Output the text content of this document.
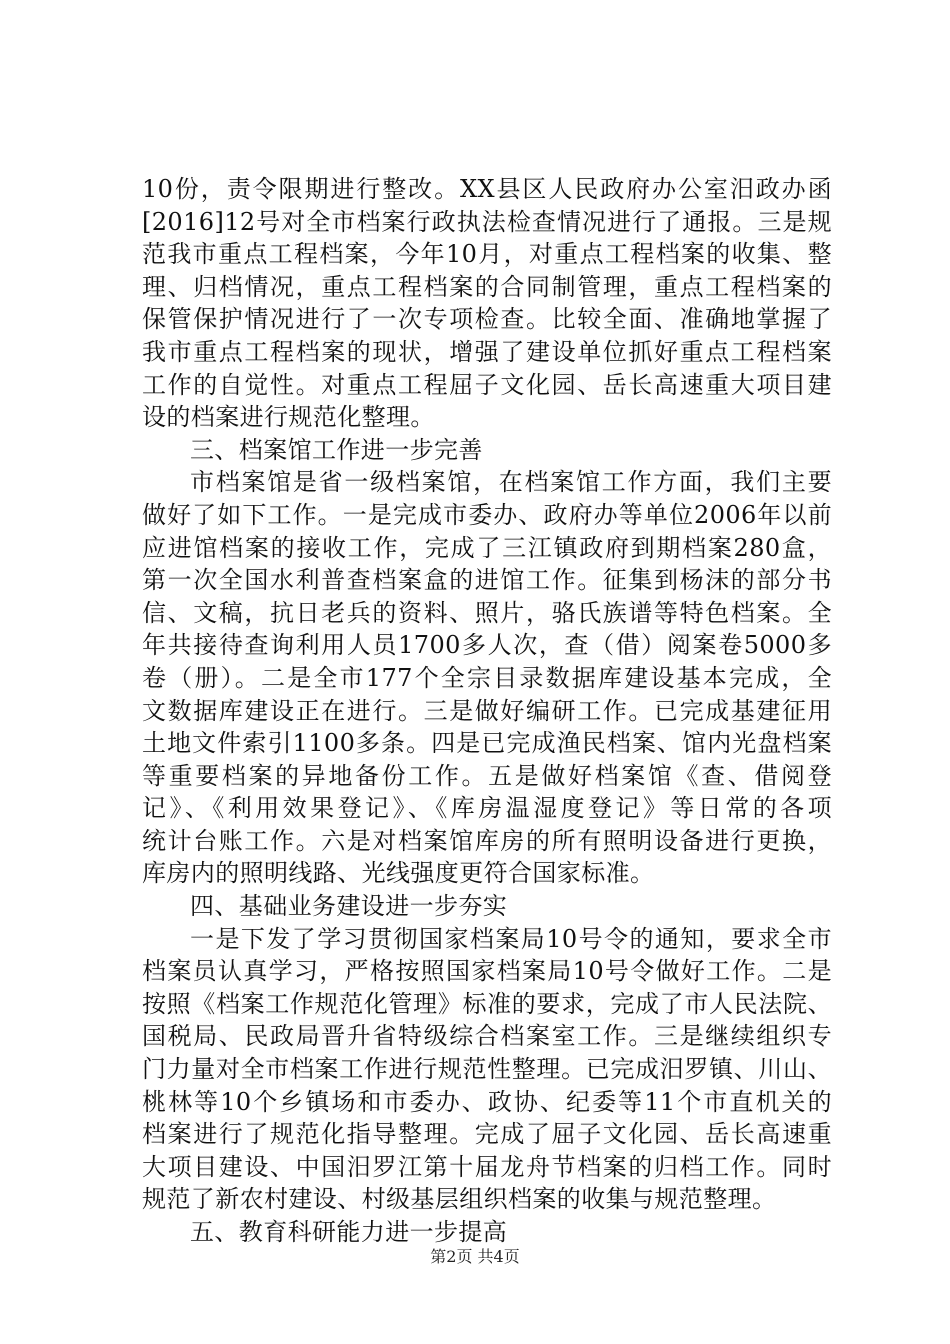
10份，责令限期进行整改。XX县区人民政府办公室汨政办函
[2016]12号对全市档案行政执法检查情况进行了通报。三是规
范我市重点工程档案，今年10月，对重点工程档案的收集、整
理、归档情况，重点工程档案的合同制管理，重点工程档案的
保管保护情况进行了一次专项检查。比较全面、准确地掌握了
我市重点工程档案的现状，增强了建设单位抓好重点工程档案
工作的自觉性。对重点工程屈子文化园、岳长高速重大项目建
设的档案进行规范化整理。
三、档案馆工作进一步完善
市档案馆是省一级档案馆，在档案馆工作方面，我们主要
做好了如下工作。一是完成市委办、政府办等单位2006年以前
应进馆档案的接收工作，完成了三江镇政府到期档案280盒，
第一次全国水利普查档案盒的进馆工作。征集到杨沫的部分书
信、文稿，抗日老兵的资料、照片，骆氏族谱等特色档案。全
年共接待查询利用人员1700多人次，查（借）阅案卷5000多
卷（册）。二是全市177个全宗目录数据库建设基本完成，全
文数据库建设正在进行。三是做好编研工作。已完成基建征用
土地文件索引1100多条。四是已完成渔民档案、馆内光盘档案
等重要档案的异地备份工作。五是做好档案馆《查、借阅登
记》、《利用效果登记》、《库房温湿度登记》等日常的各项
统计台账工作。六是对档案馆库房的所有照明设备进行更换，
库房内的照明线路、光线强度更符合国家标准。
四、基础业务建设进一步夯实
一是下发了学习贯彻国家档案局10号令的通知，要求全市
档案员认真学习，严格按照国家档案局10号令做好工作。二是
按照《档案工作规范化管理》标准的要求，完成了市人民法院、
国税局、民政局晋升省特级综合档案室工作。三是继续组织专
门力量对全市档案工作进行规范性整理。已完成汨罗镇、川山、
桃林等10个乡镇场和市委办、政协、纪委等11个市直机关的
档案进行了规范化指导整理。完成了屈子文化园、岳长高速重
大项目建设、中国汨罗江第十届龙舟节档案的归档工作。同时
规范了新农村建设、村级基层组织档案的收集与规范整理。
五、教育科研能力进一步提高
第2页 共4页
